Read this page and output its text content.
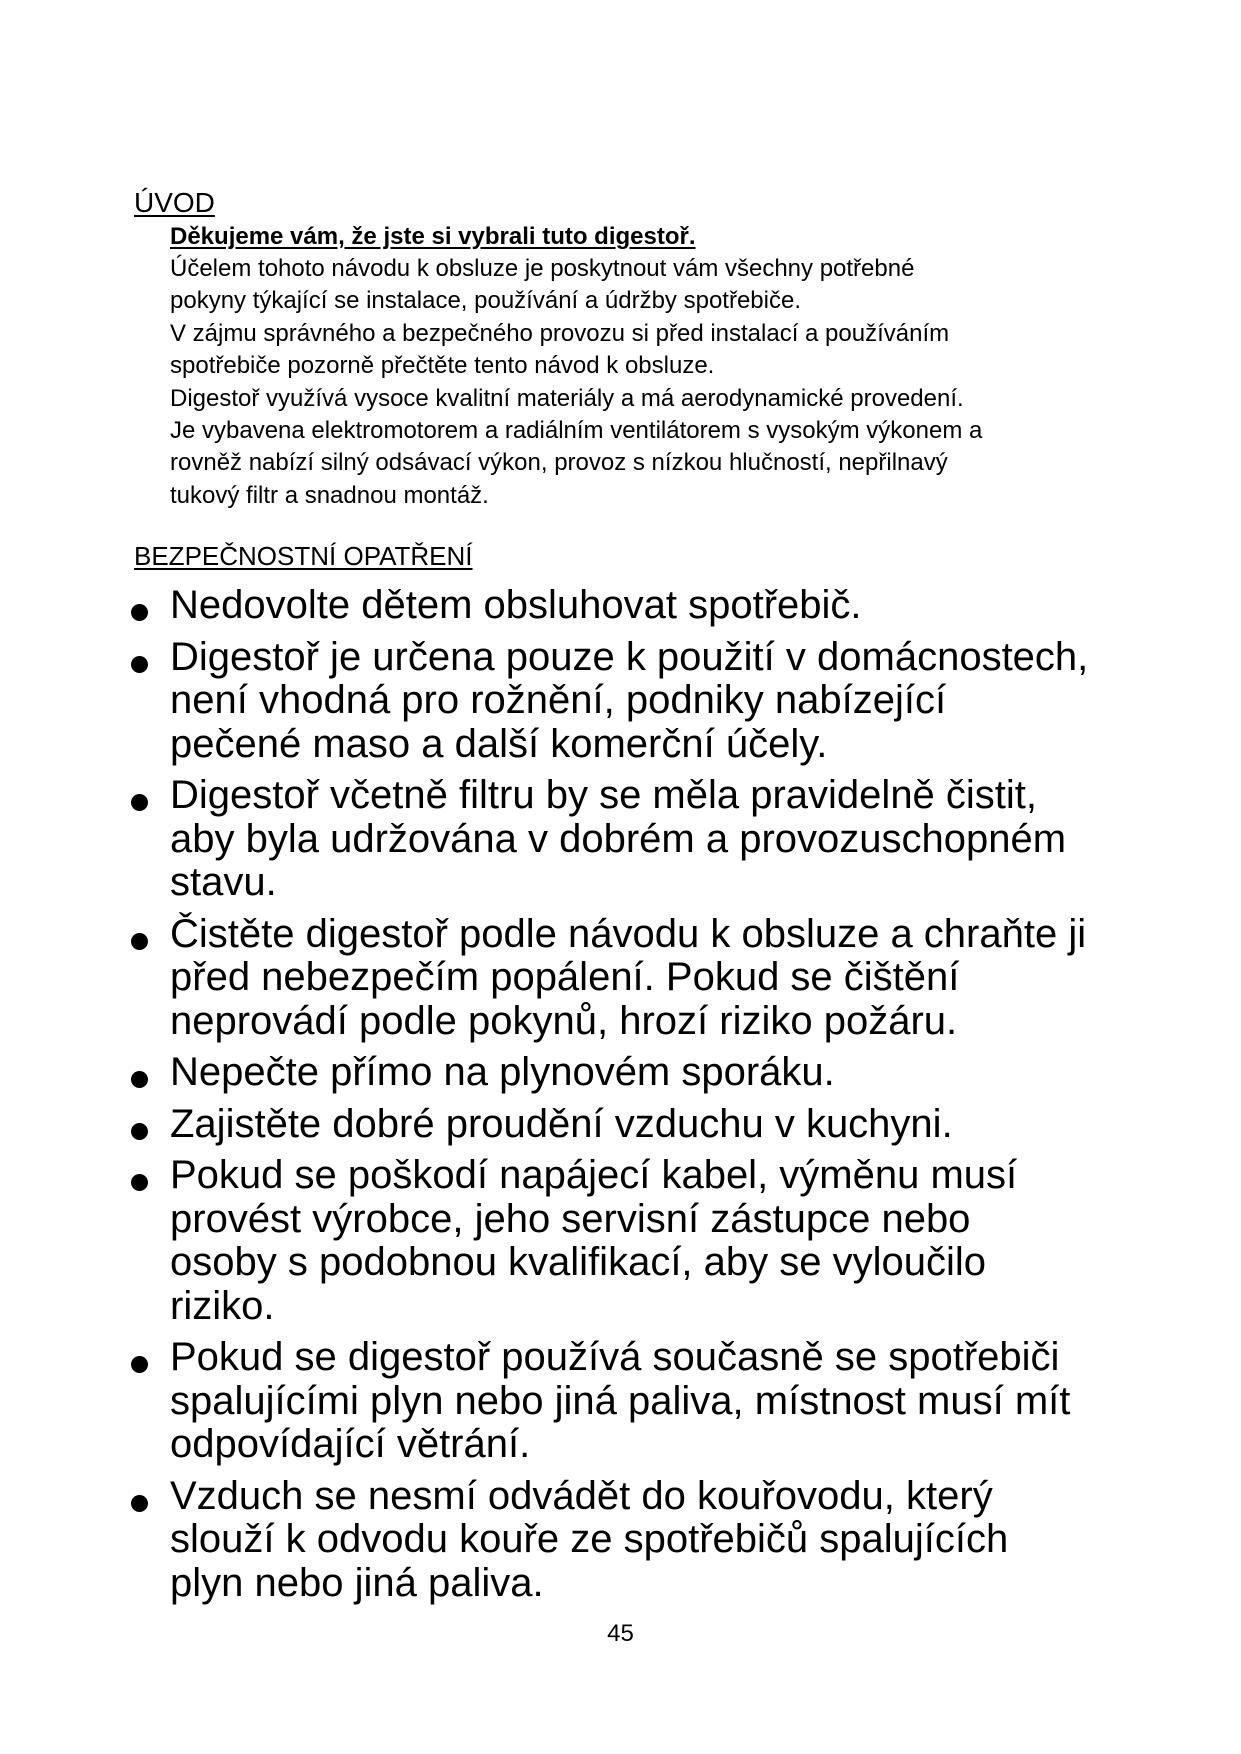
ÚVOD

Děkujeme vám, že jste si vybrali tuto digestoř.

Účelem tohoto návodu k obsluze je poskytnout vám všechny potřebné

pokyny týkající se instalace, používání a údržby spotřebiče.

V zájmu správného a bezpečného provozu si před instalací a používáním

spotřebiče pozorně přečtěte tento návod k obsluze.

Digestoř využívá vysoce kvalitní materiály a má aerodynamické provedení.

Je vybavena elektromotorem a radiálním ventilátorem s vysokým výkonem a

rovněž nabízí silný odsávací výkon, provoz s nízkou hlučností, nepřilnavý

tukový filtr a snadnou montáž.

BEZPEČNOSTNÍ OPATŘENÍ
Nedovolte dětem obsluhovat spotřebič.
Digestoř je určena pouze k použití v domácnostech,
není vhodná pro rožnění, podniky nabízející
pečené maso a další komerční účely.
Digestoř včetně filtru by se měla pravidelně čistit,
aby byla udržována v dobrém a provozuschopném
stavu.
Čistěte digestoř podle návodu k obsluze a chraňte ji
před nebezpečím popálení. Pokud se čištění
neprovádí podle pokynů, hrozí riziko požáru.
Nepečte přímo na plynovém sporáku.
Zajistěte dobré proudění vzduchu v kuchyni.
Pokud se poškodí napájecí kabel, výměnu musí
provést výrobce, jeho servisní zástupce nebo
osoby s podobnou kvalifikací, aby se vyloučilo
riziko.
Pokud se digestoř používá současně se spotřebiči
spalujícími plyn nebo jiná paliva, místnost musí mít
odpovídající větrání.
Vzduch se nesmí odvádět do kouřovodu, který
slouží k odvodu kouře ze spotřebičů spalujících
plyn nebo jiná paliva.
45
